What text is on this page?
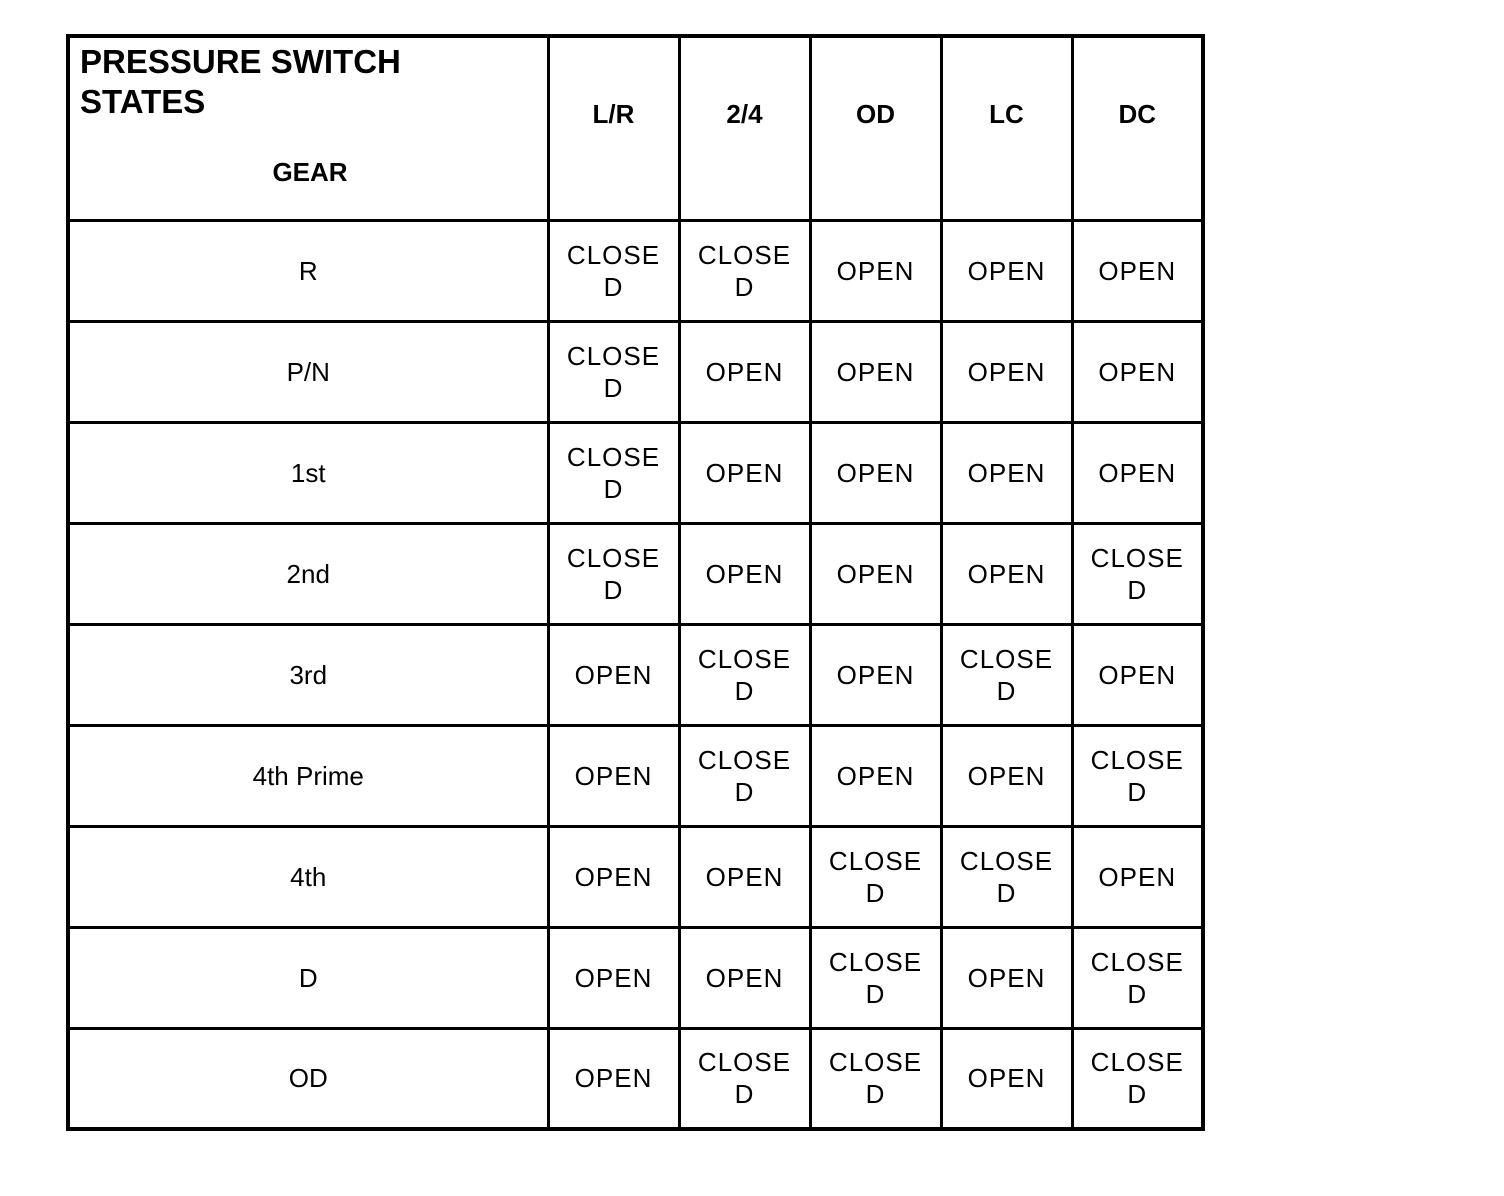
PRESSURE SWITCH STATES
GEAR	L/R	2/4	OD	LC	DC
R	CLOSED	CLOSED	OPEN	OPEN	OPEN
P/N	CLOSED	OPEN	OPEN	OPEN	OPEN
1st	CLOSED	OPEN	OPEN	OPEN	OPEN
2nd	CLOSED	OPEN	OPEN	OPEN	CLOSED
3rd	OPEN	CLOSED	OPEN	CLOSED	OPEN
4th Prime	OPEN	CLOSED	OPEN	OPEN	CLOSED
4th	OPEN	OPEN	CLOSED	CLOSED	OPEN
D	OPEN	OPEN	CLOSED	OPEN	CLOSED
OD	OPEN	CLOSED	CLOSED	OPEN	CLOSED
